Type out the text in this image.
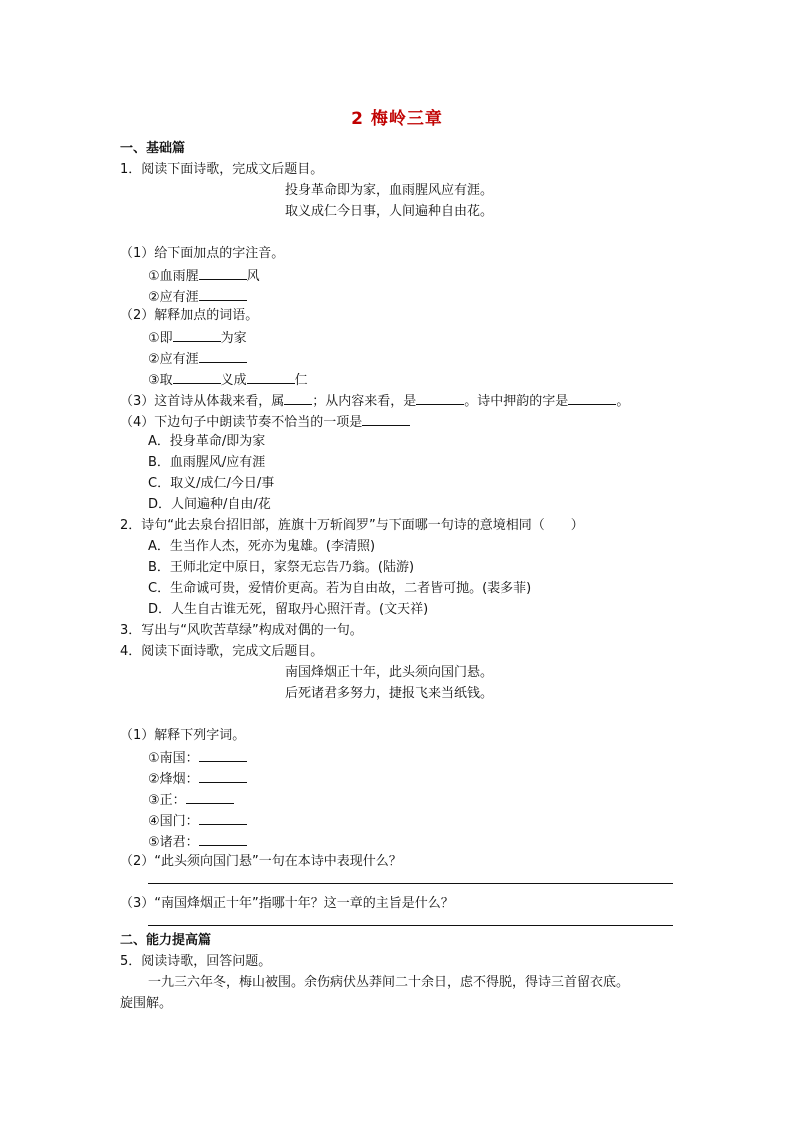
2 梅岭三章
一、基础篇
1．阅读下面诗歌，完成文后题目。
投身革命即为家，血雨腥风应有涯。
取义成仁今日事，人间遍种自由花。
（1）给下面加点的字注音。
①血雨腥	风
②应有涯
（2）解释加点的词语。
①即	为家
②应有涯
③取	义成	仁
（3）这首诗从体裁来看，属 ；从内容来看，是	。诗中押韵的字是	。
（4）下边句子中朗读节奏不恰当的一项是
A．投身革命/即为家
B．血雨腥风/应有涯
C．取义/成仁/今日/事
D．人间遍种/自由/花
2．诗句“此去泉台招旧部，旌旗十万斩阎罗”与下面哪一句诗的意境相同（　　）
A．生当作人杰，死亦为鬼雄。(李清照)
B．王师北定中原日，家祭无忘告乃翁。(陆游)
C．生命诚可贵，爱情价更高。若为自由故，二者皆可抛。(裴多菲)
D．人生自古谁无死，留取丹心照汗青。(文天祥)
3．写出与“风吹苦草绿”构成对偶的一句。
4．阅读下面诗歌，完成文后题目。
南国烽烟正十年，此头须向国门悬。
后死诸君多努力，捷报飞来当纸钱。
（1）解释下列字词。
①南国：
②烽烟：
③正：
④国门：
⑤诸君：
（2）“此头须向国门悬”一句在本诗中表现什么？
（3）“南国烽烟正十年”指哪十年？这一章的主旨是什么？
二、能力提高篇
5．阅读诗歌，回答问题。
一九三六年冬，梅山被围。余伤病伏丛莽间二十余日，虑不得脱，得诗三首留衣底。
旋围解。
